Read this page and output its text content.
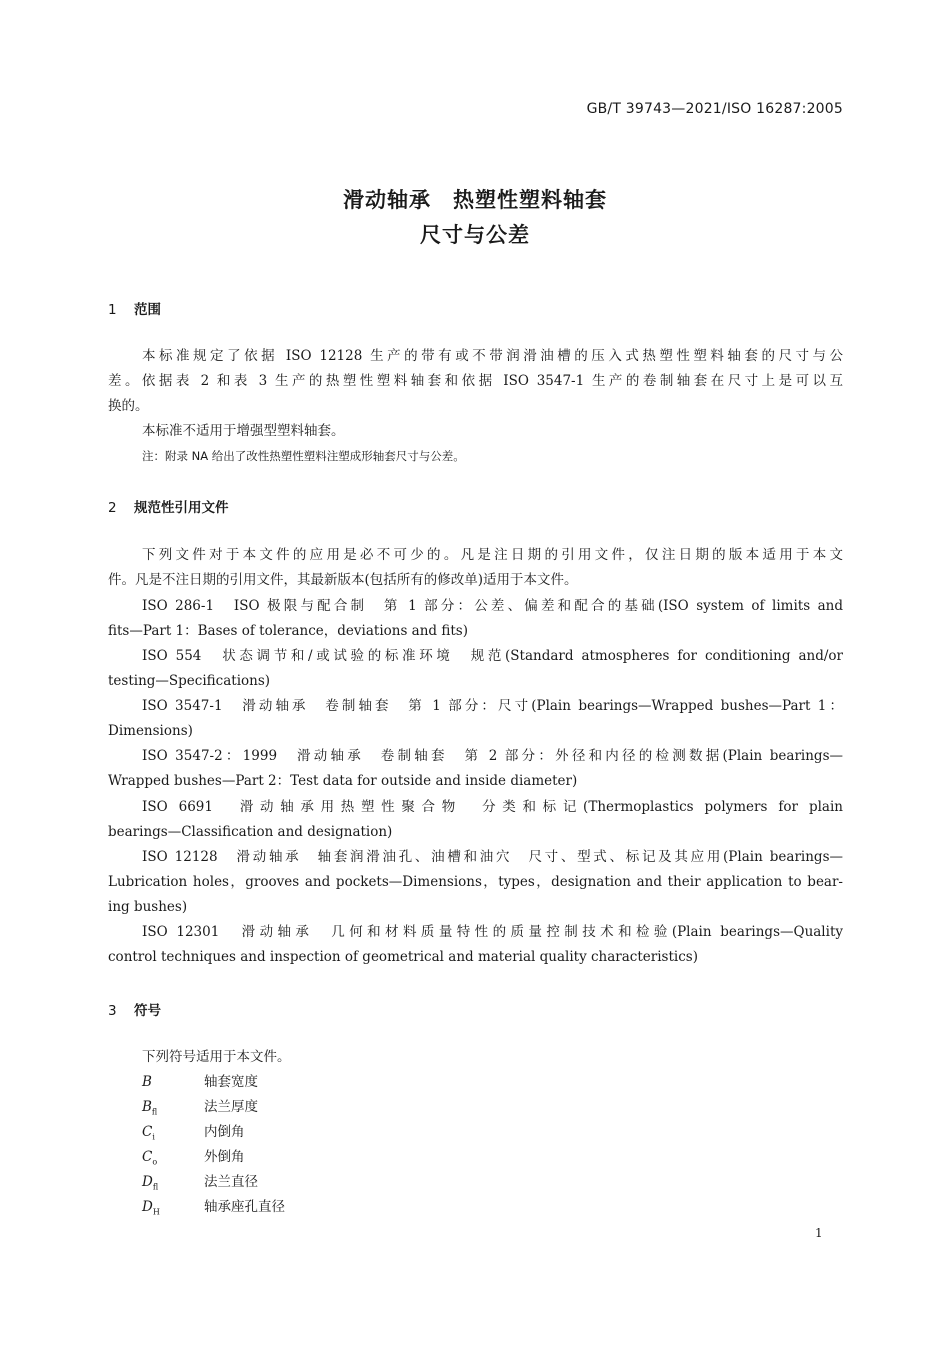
GB/T 39743—2021/ISO 16287:2005
滑动轴承　热塑性塑料轴套
尺寸与公差
1 范围
本标准规定了依据 ISO 12128 生产的带有或不带润滑油槽的压入式热塑性塑料轴套的尺寸与公
差。依据表 2 和表 3 生产的热塑性塑料轴套和依据 ISO 3547-1 生产的卷制轴套在尺寸上是可以互
换的。
本标准不适用于增强型塑料轴套。
注：附录 NA 给出了改性热塑性塑料注塑成形轴套尺寸与公差。
2 规范性引用文件
下列文件对于本文件的应用是必不可少的。凡是注日期的引用文件，仅注日期的版本适用于本文
件。凡是不注日期的引用文件，其最新版本(包括所有的修改单)适用于本文件。
ISO 286-1　ISO 极限与配合制　第 1 部分：公差、偏差和配合的基础(ISO system of limits and
fits—Part 1：Bases of tolerance，deviations and fits)
ISO 554　状态调节和/或试验的标准环境　规范(Standard atmospheres for conditioning and/or
testing—Specifications)
ISO 3547-1　滑动轴承　卷制轴套　第 1 部分：尺寸(Plain bearings—Wrapped bushes—Part 1：
Dimensions)
ISO 3547-2：1999　滑动轴承　卷制轴套　第 2 部分：外径和内径的检测数据(Plain bearings—
Wrapped bushes—Part 2：Test data for outside and inside diameter)
ISO 6691　滑动轴承用热塑性聚合物　分类和标记(Thermoplastics polymers for plain
bearings—Classification and designation)
ISO 12128　滑动轴承　轴套润滑油孔、油槽和油穴　尺寸、型式、标记及其应用(Plain bearings—
Lubrication holes，grooves and pockets—Dimensions，types，designation and their application to bear-
ing bushes)
ISO 12301　滑动轴承　几何和材料质量特性的质量控制技术和检验(Plain bearings—Quality
control techniques and inspection of geometrical and material quality characteristics)
3 符号
下列符号适用于本文件。
B	轴套宽度
$B_{fl}$	法兰厚度
$C_i$	内倒角
$C_o$	外倒角
$D_{fl}$	法兰直径
$D_H$	轴承座孔直径
1
